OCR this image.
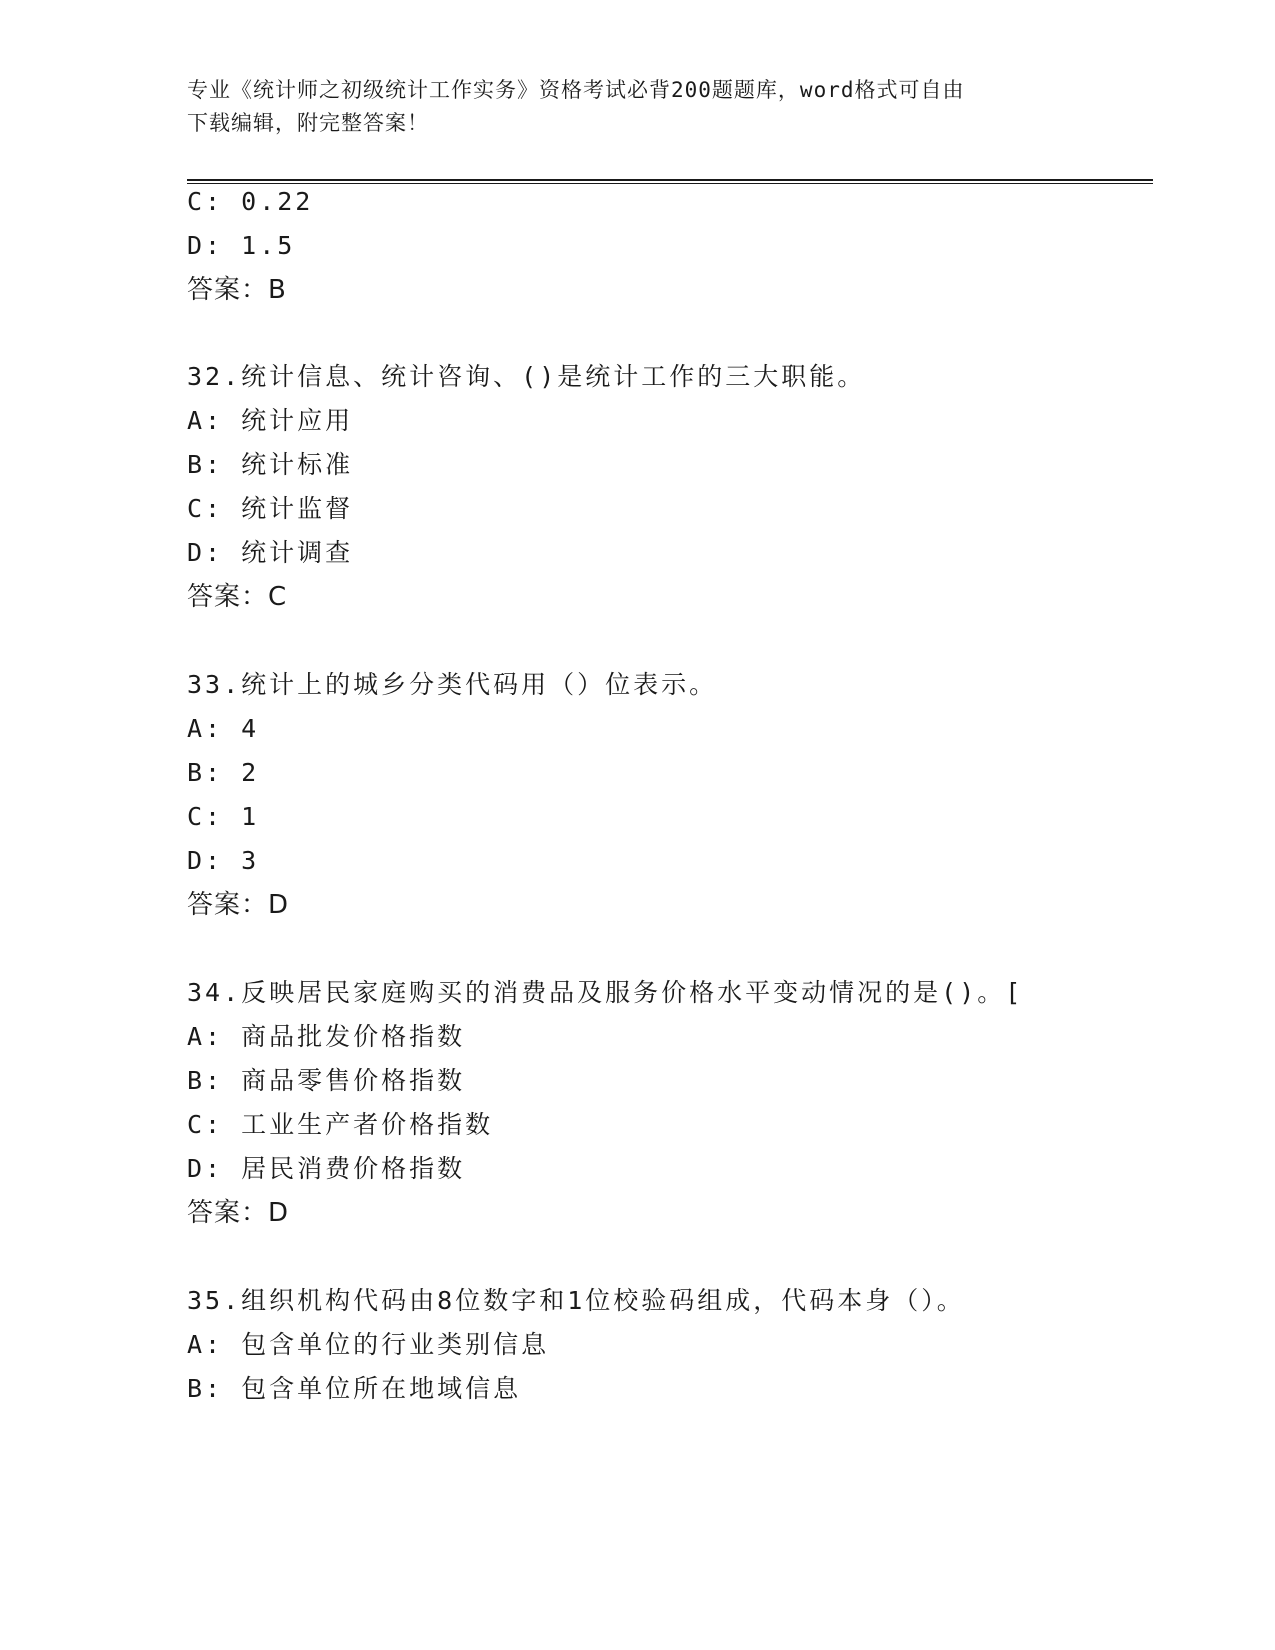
专业《统计师之初级统计工作实务》资格考试必背200题题库，word格式可自由
下载编辑，附完整答案！
C: 0.22
D: 1.5
答案：B
32.统计信息、统计咨询、()是统计工作的三大职能。
A: 统计应用
B: 统计标准
C: 统计监督
D: 统计调查
答案：C
33.统计上的城乡分类代码用（）位表示。
A: 4
B: 2
C: 1
D: 3
答案：D
34.反映居民家庭购买的消费品及服务价格水平变动情况的是()。[
A: 商品批发价格指数
B: 商品零售价格指数
C: 工业生产者价格指数
D: 居民消费价格指数
答案：D
35.组织机构代码由8位数字和1位校验码组成，代码本身（）。
A: 包含单位的行业类别信息
B: 包含单位所在地域信息
